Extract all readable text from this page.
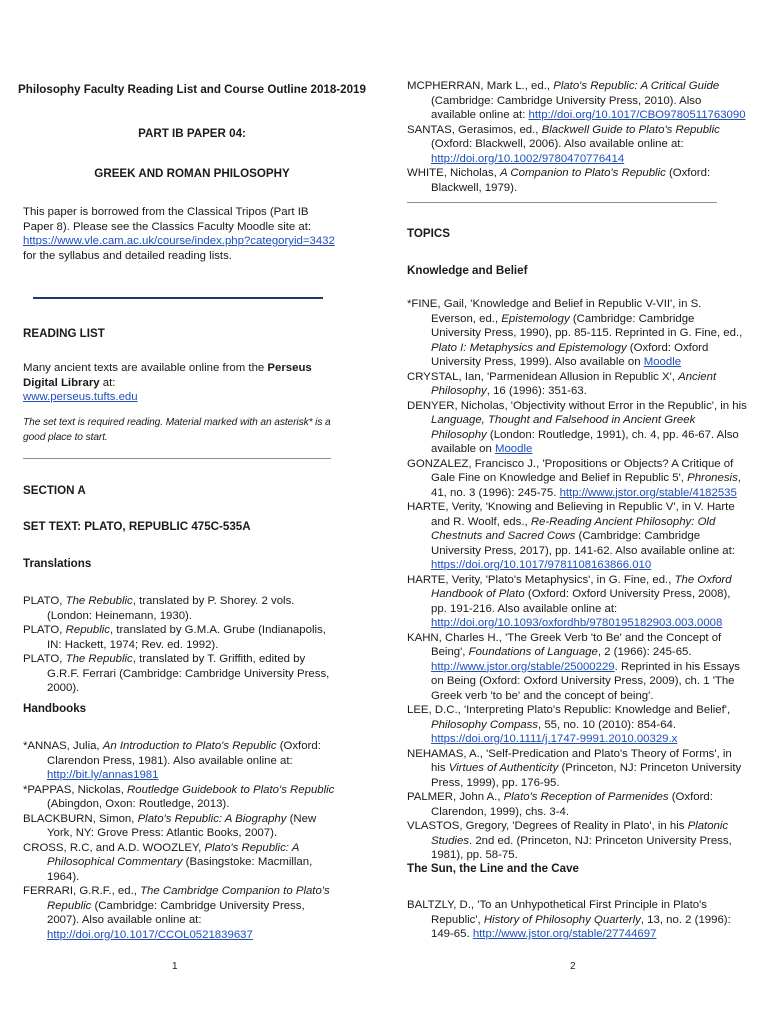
Philosophy Faculty Reading List and Course Outline 2018-2019
PART IB PAPER 04:
GREEK AND ROMAN PHILOSOPHY
This paper is borrowed from the Classical Tripos (Part IB Paper 8). Please see the Classics Faculty Moodle site at: https://www.vle.cam.ac.uk/course/index.php?categoryid=3432 for the syllabus and detailed reading lists.
READING LIST
Many ancient texts are available online from the Perseus Digital Library at:
www.perseus.tufts.edu
The set text is required reading. Material marked with an asterisk* is a good place to start.
SECTION A
SET TEXT: PLATO, REPUBLIC 475C-535A
Translations

PLATO, The Rebublic, translated by P. Shorey. 2 vols. (London: Heinemann, 1930).

PLATO, Republic, translated by G.M.A. Grube (Indianapolis, IN: Hackett, 1974; Rev. ed. 1992).

PLATO, The Republic, translated by T. Griffith, edited by G.R.F. Ferrari (Cambridge: Cambridge University Press, 2000).

Handbooks

*ANNAS, Julia, An Introduction to Plato's Republic (Oxford: Clarendon Press, 1981). Also available online at: http://bit.ly/annas1981

*PAPPAS, Nickolas, Routledge Guidebook to Plato's Republic (Abingdon, Oxon: Routledge, 2013).

BLACKBURN, Simon, Plato's Republic: A Biography (New York, NY: Grove Press: Atlantic Books, 2007).

CROSS, R.C, and A.D. WOOZLEY, Plato's Republic: A Philosophical Commentary (Basingstoke: Macmillan, 1964).

FERRARI, G.R.F., ed., The Cambridge Companion to Plato's Republic (Cambridge: Cambridge University Press, 2007). Also available online at: http://doi.org/10.1017/CCOL0521839637

1

MCPHERRAN, Mark L., ed., Plato's Republic: A Critical Guide (Cambridge: Cambridge University Press, 2010). Also available online at: http://doi.org/10.1017/CBO9780511763090

SANTAS, Gerasimos, ed., Blackwell Guide to Plato's Republic (Oxford: Blackwell, 2006). Also available online at: http://doi.org/10.1002/9780470776414

WHITE, Nicholas, A Companion to Plato's Republic (Oxford: Blackwell, 1979).

TOPICS
Knowledge and Belief

*FINE, Gail, 'Knowledge and Belief in Republic V-VII', in S. Everson, ed., Epistemology (Cambridge: Cambridge University Press, 1990), pp. 85-115. Reprinted in G. Fine, ed., Plato I: Metaphysics and Epistemology (Oxford: Oxford University Press, 1999). Also available on Moodle

CRYSTAL, Ian, 'Parmenidean Allusion in Republic X', Ancient Philosophy, 16 (1996): 351-63.

DENYER, Nicholas, 'Objectivity without Error in the Republic', in his Language, Thought and Falsehood in Ancient Greek Philosophy (London: Routledge, 1991), ch. 4, pp. 46-67. Also available on Moodle

GONZALEZ, Francisco J., 'Propositions or Objects? A Critique of Gale Fine on Knowledge and Belief in Republic 5', Phronesis, 41, no. 3 (1996): 245-75. http://www.jstor.org/stable/4182535

HARTE, Verity, 'Knowing and Believing in Republic V', in V. Harte and R. Woolf, eds., Re-Reading Ancient Philosophy: Old Chestnuts and Sacred Cows (Cambridge: Cambridge University Press, 2017), pp. 141-62. Also available online at: https://doi.org/10.1017/9781108163866.010

HARTE, Verity, 'Plato's Metaphysics', in G. Fine, ed., The Oxford Handbook of Plato (Oxford: Oxford University Press, 2008), pp. 191-216. Also available online at: http://doi.org/10.1093/oxfordhb/9780195182903.003.0008

KAHN, Charles H., 'The Greek Verb 'to Be' and the Concept of Being', Foundations of Language, 2 (1966): 245-65. http://www.jstor.org/stable/25000229. Reprinted in his Essays on Being (Oxford: Oxford University Press, 2009), ch. 1 'The Greek verb 'to be' and the concept of being'.

LEE, D.C., 'Interpreting Plato's Republic: Knowledge and Belief', Philosophy Compass, 55, no. 10 (2010): 854-64. https://doi.org/10.1111/j.1747-9991.2010.00329.x

NEHAMAS, A., 'Self-Predication and Plato's Theory of Forms', in his Virtues of Authenticity (Princeton, NJ: Princeton University Press, 1999), pp. 176-95.

PALMER, John A., Plato's Reception of Parmenides (Oxford: Clarendon, 1999), chs. 3-4.

VLASTOS, Gregory, 'Degrees of Reality in Plato', in his Platonic Studies. 2nd ed. (Princeton, NJ: Princeton University Press, 1981), pp. 58-75.

The Sun, the Line and the Cave

BALTZLY, D., 'To an Unhypothetical First Principle in Plato's Republic', History of Philosophy Quarterly, 13, no. 2 (1996): 149-65. http://www.jstor.org/stable/27744697

2
